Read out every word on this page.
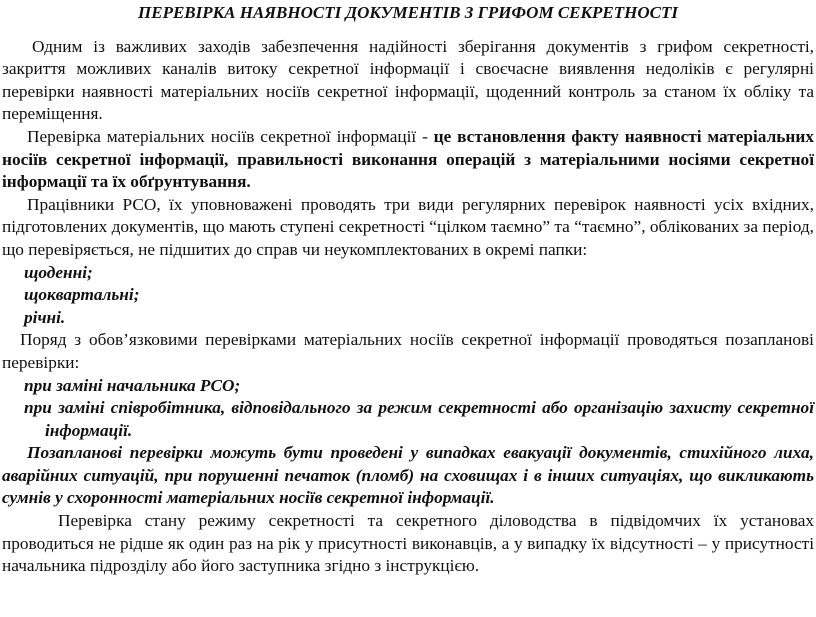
ПЕРЕВІРКА НАЯВНОСТІ ДОКУМЕНТІВ З ГРИФОМ СЕКРЕТНОСТІ

Одним із важливих заходів забезпечення надійності зберігання документів з грифом секретності, закриття можливих каналів витоку секретної інформації і своєчасне виявлення недоліків є регулярні перевірки наявності матеріальних носіїв секретної інформації, щоденний контроль за станом їх обліку та переміщення.

Перевірка матеріальних носіїв секретної інформації - це встановлення факту наявності матеріальних носіїв секретної інформації, правильності виконання операцій з матеріальними носіями секретної інформації та їх обґрунтування.

Працівники РСО, їх уповноважені проводять три види регулярних перевірок наявності усіх вхідних, підготовлених документів, що мають ступені секретності “цілком таємно” та “таємно”, облікованих за період, що перевіряється, не підшитих до справ чи неукомплектованих в окремі папки:

щоденні;
щоквартальні;
річні.

Поряд з обов’язковими перевірками матеріальних носіїв секретної інформації проводяться позапланові перевірки:

при заміні начальника РСО;
при заміні співробітника, відповідального за режим секретності або організацію захисту секретної інформації.

Позапланові перевірки можуть бути проведені у випадках евакуації документів, стихійного лиха, аварійних ситуацій, при порушенні печаток (пломб) на сховищах і в інших ситуаціях, що викликають сумнів у схоронності матеріальних носіїв секретної інформації.

Перевірка стану режиму секретності та секретного діловодства в підвідомчих їх установах проводиться не рідше як один раз на рік у присутності виконавців, а у випадку їх відсутності – у присутності начальника підрозділу або його заступника згідно з інструкцією.
